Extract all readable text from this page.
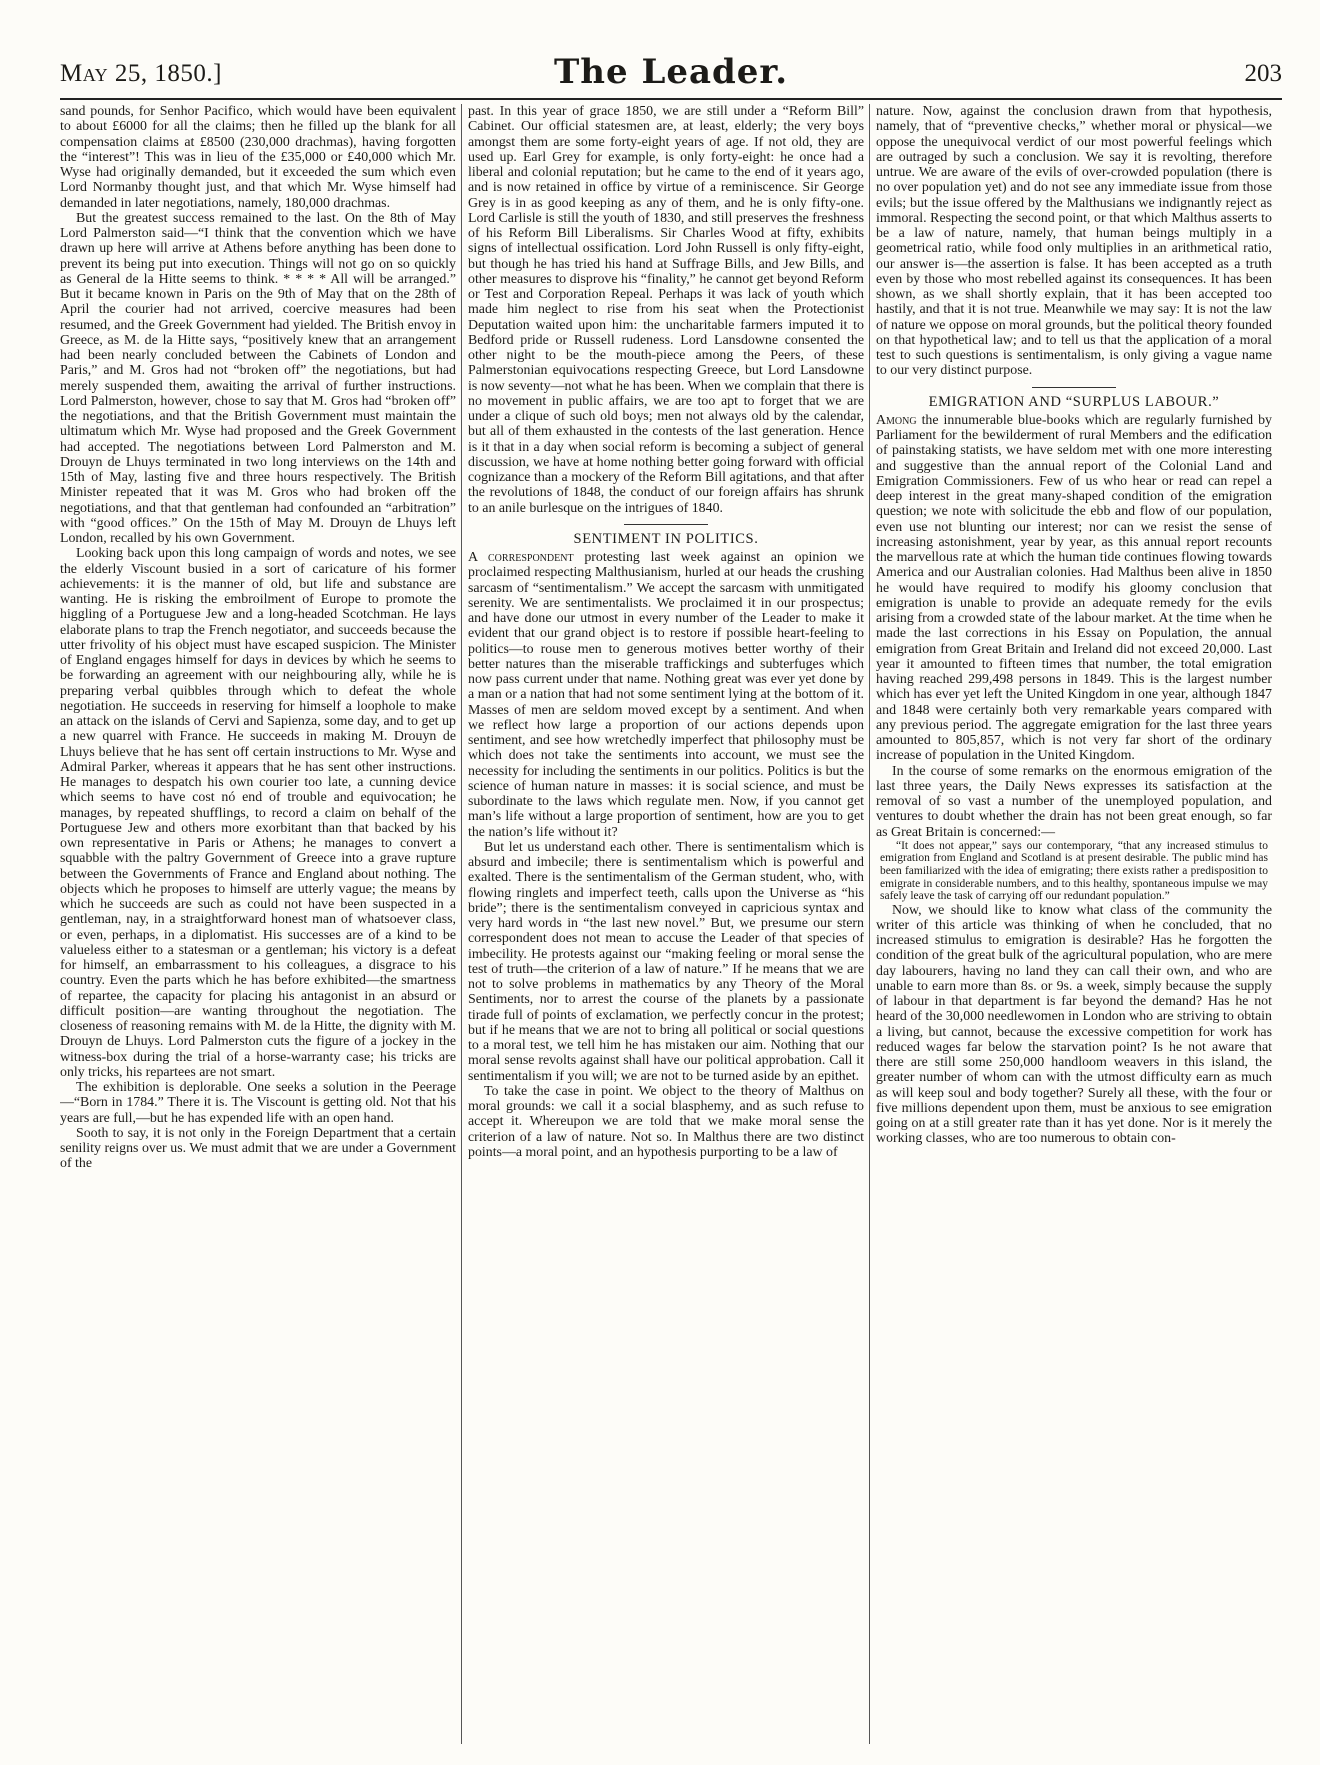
May 25, 1850.]	The Leader.	203

sand pounds, for Senhor Pacifico, which would have been equivalent to about £6000 for all the claims; then he filled up the blank for all compensation claims at £8500 (230,000 drachmas), having forgotten the “interest”! This was in lieu of the £35,000 or £40,000 which Mr. Wyse had originally demanded, but it exceeded the sum which even Lord Normanby thought just, and that which Mr. Wyse himself had demanded in later negotiations, namely, 180,000 drachmas.

But the greatest success remained to the last. On the 8th of May Lord Palmerston said—“I think that the convention which we have drawn up here will arrive at Athens before anything has been done to prevent its being put into execution. Things will not go on so quickly as General de la Hitte seems to think. * * * * All will be arranged.” But it became known in Paris on the 9th of May that on the 28th of April the courier had not arrived, coercive measures had been resumed, and the Greek Government had yielded. The British envoy in Greece, as M. de la Hitte says, “positively knew that an arrangement had been nearly concluded between the Cabinets of London and Paris,” and M. Gros had not “broken off” the negotiations, but had merely suspended them, awaiting the arrival of further instructions. Lord Palmerston, however, chose to say that M. Gros had “broken off” the negotiations, and that the British Government must maintain the ultimatum which Mr. Wyse had proposed and the Greek Government had accepted. The negotiations between Lord Palmerston and M. Drouyn de Lhuys terminated in two long interviews on the 14th and 15th of May, lasting five and three hours respectively. The British Minister repeated that it was M. Gros who had broken off the negotiations, and that that gentleman had confounded an “arbitration” with “good offices.” On the 15th of May M. Drouyn de Lhuys left London, recalled by his own Government.

Looking back upon this long campaign of words and notes, we see the elderly Viscount busied in a sort of caricature of his former achievements: it is the manner of old, but life and substance are wanting. He is risking the embroilment of Europe to promote the higgling of a Portuguese Jew and a long-headed Scotchman. He lays elaborate plans to trap the French negotiator, and succeeds because the utter frivolity of his object must have escaped suspicion. The Minister of England engages himself for days in devices by which he seems to be forwarding an agreement with our neighbouring ally, while he is preparing verbal quibbles through which to defeat the whole negotiation. He succeeds in reserving for himself a loophole to make an attack on the islands of Cervi and Sapienza, some day, and to get up a new quarrel with France. He succeeds in making M. Drouyn de Lhuys believe that he has sent off certain instructions to Mr. Wyse and Admiral Parker, whereas it appears that he has sent other instructions. He manages to despatch his own courier too late, a cunning device which seems to have cost nó end of trouble and equivocation; he manages, by repeated shufflings, to record a claim on behalf of the Portuguese Jew and others more exorbitant than that backed by his own representative in Paris or Athens; he manages to convert a squabble with the paltry Government of Greece into a grave rupture between the Governments of France and England about nothing. The objects which he proposes to himself are utterly vague; the means by which he succeeds are such as could not have been suspected in a gentleman, nay, in a straightforward honest man of whatsoever class, or even, perhaps, in a diplomatist. His successes are of a kind to be valueless either to a statesman or a gentleman; his victory is a defeat for himself, an embarrassment to his colleagues, a disgrace to his country. Even the parts which he has before exhibited—the smartness of repartee, the capacity for placing his antagonist in an absurd or difficult position—are wanting throughout the negotiation. The closeness of reasoning remains with M. de la Hitte, the dignity with M. Drouyn de Lhuys. Lord Palmerston cuts the figure of a jockey in the witness-box during the trial of a horse-warranty case; his tricks are only tricks, his repartees are not smart.

The exhibition is deplorable. One seeks a solution in the Peerage—“Born in 1784.” There it is. The Viscount is getting old. Not that his years are full,—but he has expended life with an open hand.

Sooth to say, it is not only in the Foreign Department that a certain senility reigns over us. We must admit that we are under a Government of the

past. In this year of grace 1850, we are still under a “Reform Bill” Cabinet. Our official statesmen are, at least, elderly; the very boys amongst them are some forty-eight years of age. If not old, they are used up. Earl Grey for example, is only forty-eight: he once had a liberal and colonial reputation; but he came to the end of it years ago, and is now retained in office by virtue of a reminiscence. Sir George Grey is in as good keeping as any of them, and he is only fifty-one. Lord Carlisle is still the youth of 1830, and still preserves the freshness of his Reform Bill Liberalisms. Sir Charles Wood at fifty, exhibits signs of intellectual ossification. Lord John Russell is only fifty-eight, but though he has tried his hand at Suffrage Bills, and Jew Bills, and other measures to disprove his “finality,” he cannot get beyond Reform or Test and Corporation Repeal. Perhaps it was lack of youth which made him neglect to rise from his seat when the Protectionist Deputation waited upon him: the uncharitable farmers imputed it to Bedford pride or Russell rudeness. Lord Lansdowne consented the other night to be the mouth-piece among the Peers, of these Palmerstonian equivocations respecting Greece, but Lord Lansdowne is now seventy—not what he has been. When we complain that there is no movement in public affairs, we are too apt to forget that we are under a clique of such old boys; men not always old by the calendar, but all of them exhausted in the contests of the last generation. Hence is it that in a day when social reform is becoming a subject of general discussion, we have at home nothing better going forward with official cognizance than a mockery of the Reform Bill agitations, and that after the revolutions of 1848, the conduct of our foreign affairs has shrunk to an anile burlesque on the intrigues of 1840.

SENTIMENT IN POLITICS.

A correspondent protesting last week against an opinion we proclaimed respecting Malthusianism, hurled at our heads the crushing sarcasm of “sentimentalism.” We accept the sarcasm with unmitigated serenity. We are sentimentalists. We proclaimed it in our prospectus; and have done our utmost in every number of the Leader to make it evident that our grand object is to restore if possible heart-feeling to politics—to rouse men to generous motives better worthy of their better natures than the miserable traffickings and subterfuges which now pass current under that name. Nothing great was ever yet done by a man or a nation that had not some sentiment lying at the bottom of it. Masses of men are seldom moved except by a sentiment. And when we reflect how large a proportion of our actions depends upon sentiment, and see how wretchedly imperfect that philosophy must be which does not take the sentiments into account, we must see the necessity for including the sentiments in our politics. Politics is but the science of human nature in masses: it is social science, and must be subordinate to the laws which regulate men. Now, if you cannot get man’s life without a large proportion of sentiment, how are you to get the nation’s life without it?

But let us understand each other. There is sentimentalism which is absurd and imbecile; there is sentimentalism which is powerful and exalted. There is the sentimentalism of the German student, who, with flowing ringlets and imperfect teeth, calls upon the Universe as “his bride”; there is the sentimentalism conveyed in capricious syntax and very hard words in “the last new novel.” But, we presume our stern correspondent does not mean to accuse the Leader of that species of imbecility. He protests against our “making feeling or moral sense the test of truth—the criterion of a law of nature.” If he means that we are not to solve problems in mathematics by any Theory of the Moral Sentiments, nor to arrest the course of the planets by a passionate tirade full of points of exclamation, we perfectly concur in the protest; but if he means that we are not to bring all political or social questions to a moral test, we tell him he has mistaken our aim. Nothing that our moral sense revolts against shall have our political approbation. Call it sentimentalism if you will; we are not to be turned aside by an epithet.

To take the case in point. We object to the theory of Malthus on moral grounds: we call it a social blasphemy, and as such refuse to accept it. Whereupon we are told that we make moral sense the criterion of a law of nature. Not so. In Malthus there are two distinct points—a moral point, and an hypothesis purporting to be a law of

nature. Now, against the conclusion drawn from that hypothesis, namely, that of “preventive checks,” whether moral or physical—we oppose the unequivocal verdict of our most powerful feelings which are outraged by such a conclusion. We say it is revolting, therefore untrue. We are aware of the evils of over-crowded population (there is no over population yet) and do not see any immediate issue from those evils; but the issue offered by the Malthusians we indignantly reject as immoral. Respecting the second point, or that which Malthus asserts to be a law of nature, namely, that human beings multiply in a geometrical ratio, while food only multiplies in an arithmetical ratio, our answer is—the assertion is false. It has been accepted as a truth even by those who most rebelled against its consequences. It has been shown, as we shall shortly explain, that it has been accepted too hastily, and that it is not true. Meanwhile we may say: It is not the law of nature we oppose on moral grounds, but the political theory founded on that hypothetical law; and to tell us that the application of a moral test to such questions is sentimentalism, is only giving a vague name to our very distinct purpose.

EMIGRATION AND “SURPLUS LABOUR.”

Among the innumerable blue-books which are regularly furnished by Parliament for the bewilderment of rural Members and the edification of painstaking statists, we have seldom met with one more interesting and suggestive than the annual report of the Colonial Land and Emigration Commissioners. Few of us who hear or read can repel a deep interest in the great many-shaped condition of the emigration question; we note with solicitude the ebb and flow of our population, even use not blunting our interest; nor can we resist the sense of increasing astonishment, year by year, as this annual report recounts the marvellous rate at which the human tide continues flowing towards America and our Australian colonies. Had Malthus been alive in 1850 he would have required to modify his gloomy conclusion that emigration is unable to provide an adequate remedy for the evils arising from a crowded state of the labour market. At the time when he made the last corrections in his Essay on Population, the annual emigration from Great Britain and Ireland did not exceed 20,000. Last year it amounted to fifteen times that number, the total emigration having reached 299,498 persons in 1849. This is the largest number which has ever yet left the United Kingdom in one year, although 1847 and 1848 were certainly both very remarkable years compared with any previous period. The aggregate emigration for the last three years amounted to 805,857, which is not very far short of the ordinary increase of population in the United Kingdom.

In the course of some remarks on the enormous emigration of the last three years, the Daily News expresses its satisfaction at the removal of so vast a number of the unemployed population, and ventures to doubt whether the drain has not been great enough, so far as Great Britain is concerned:—

“It does not appear,” says our contemporary, “that any increased stimulus to emigration from England and Scotland is at present desirable. The public mind has been familiarized with the idea of emigrating; there exists rather a predisposition to emigrate in considerable numbers, and to this healthy, spontaneous impulse we may safely leave the task of carrying off our redundant population.”

Now, we should like to know what class of the community the writer of this article was thinking of when he concluded, that no increased stimulus to emigration is desirable? Has he forgotten the condition of the great bulk of the agricultural population, who are mere day labourers, having no land they can call their own, and who are unable to earn more than 8s. or 9s. a week, simply because the supply of labour in that department is far beyond the demand? Has he not heard of the 30,000 needlewomen in London who are striving to obtain a living, but cannot, because the excessive competition for work has reduced wages far below the starvation point? Is he not aware that there are still some 250,000 handloom weavers in this island, the greater number of whom can with the utmost difficulty earn as much as will keep soul and body together? Surely all these, with the four or five millions dependent upon them, must be anxious to see emigration going on at a still greater rate than it has yet done. Nor is it merely the working classes, who are too numerous to obtain con-
